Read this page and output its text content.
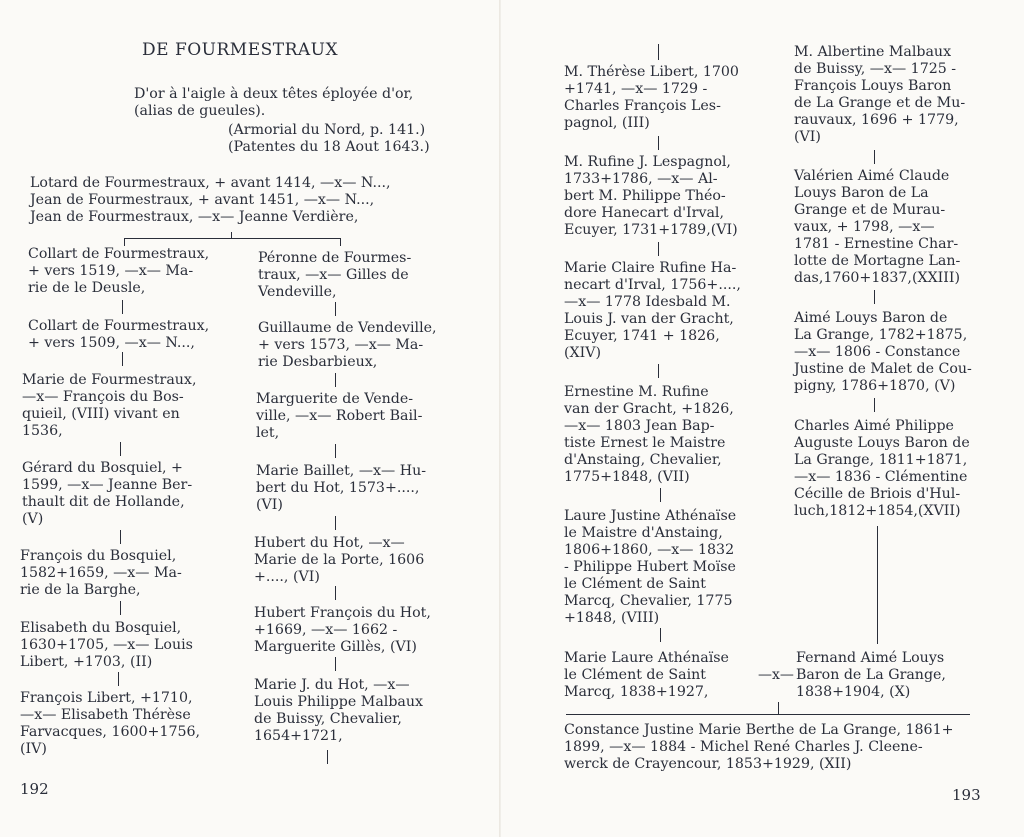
DE FOURMESTRAUX

D'or à l'aigle à deux têtes éployée d'or,
(alias de gueules).

(Armorial du Nord, p. 141.)

(Patentes du 18 Aout 1643.)

Lotard de Fourmestraux, + avant 1414, —x— N...,
Jean de Fourmestraux, + avant 1451, —x— N...,
Jean de Fourmestraux, —x— Jeanne Verdière,

Collart de Fourmestraux,
+ vers 1519, —x— Ma-
rie de le Deusle,

Collart de Fourmestraux,
+ vers 1509, —x— N...,

Marie de Fourmestraux,
—x— François du Bos-
quieil, (VIII) vivant en
1536,

Gérard du Bosquiel, +
1599, —x— Jeanne Ber-
thault dit de Hollande,
(V)

François du Bosquiel,
1582+1659, —x— Ma-
rie de la Barghe,

Elisabeth du Bosquiel,
1630+1705, —x— Louis
Libert, +1703, (II)

François Libert, +1710,
—x— Elisabeth Thérèse
Farvacques, 1600+1756,
(IV)

Péronne de Fourmes-
traux, —x— Gilles de
Vendeville,

Guillaume de Vendeville,
+ vers 1573, —x— Ma-
rie Desbarbieux,

Marguerite de Vende-
ville, —x— Robert Bail-
let,

Marie Baillet, —x— Hu-
bert du Hot, 1573+....,
(VI)

Hubert du Hot, —x—
Marie de la Porte, 1606
+...., (VI)

Hubert François du Hot,
+1669, —x— 1662 -
Marguerite Gillès, (VI)

Marie J. du Hot, —x—
Louis Philippe Malbaux
de Buissy, Chevalier,
1654+1721,

192

M. Thérèse Libert, 1700
+1741, —x— 1729 -
Charles François Les-
pagnol, (III)

M. Rufine J. Lespagnol,
1733+1786, —x— Al-
bert M. Philippe Théo-
dore Hanecart d'Irval,
Ecuyer, 1731+1789,(VI)

Marie Claire Rufine Ha-
necart d'Irval, 1756+....,
—x— 1778 Idesbald M.
Louis J. van der Gracht,
Ecuyer, 1741 + 1826,
(XIV)

Ernestine M. Rufine
van der Gracht, +1826,
—x— 1803 Jean Bap-
tiste Ernest le Maistre
d'Anstaing, Chevalier,
1775+1848, (VII)

Laure Justine Athénaïse
le Maistre d'Anstaing,
1806+1860, —x— 1832
- Philippe Hubert Moïse
le Clément de Saint
Marcq, Chevalier, 1775
+1848, (VIII)

Marie Laure Athénaïse
le Clément de Saint
Marcq, 1838+1927,

—x—

M. Albertine Malbaux
de Buissy, —x— 1725 -
François Louys Baron
de La Grange et de Mu-
rauvaux, 1696 + 1779,
(VI)

Valérien Aimé Claude
Louys Baron de La
Grange et de Murau-
vaux, + 1798, —x—
1781 - Ernestine Char-
lotte de Mortagne Lan-
das,1760+1837,(XXIII)

Aimé Louys Baron de
La Grange, 1782+1875,
—x— 1806 - Constance
Justine de Malet de Cou-
pigny, 1786+1870, (V)

Charles Aimé Philippe
Auguste Louys Baron de
La Grange, 1811+1871,
—x— 1836 - Clémentine
Cécille de Briois d'Hul-
luch,1812+1854,(XVII)

Fernand Aimé Louys
Baron de La Grange,
1838+1904, (X)

Constance Justine Marie Berthe de La Grange, 1861+
1899, —x— 1884 - Michel René Charles J. Cleene-
werck de Crayencour, 1853+1929, (XII)

193
